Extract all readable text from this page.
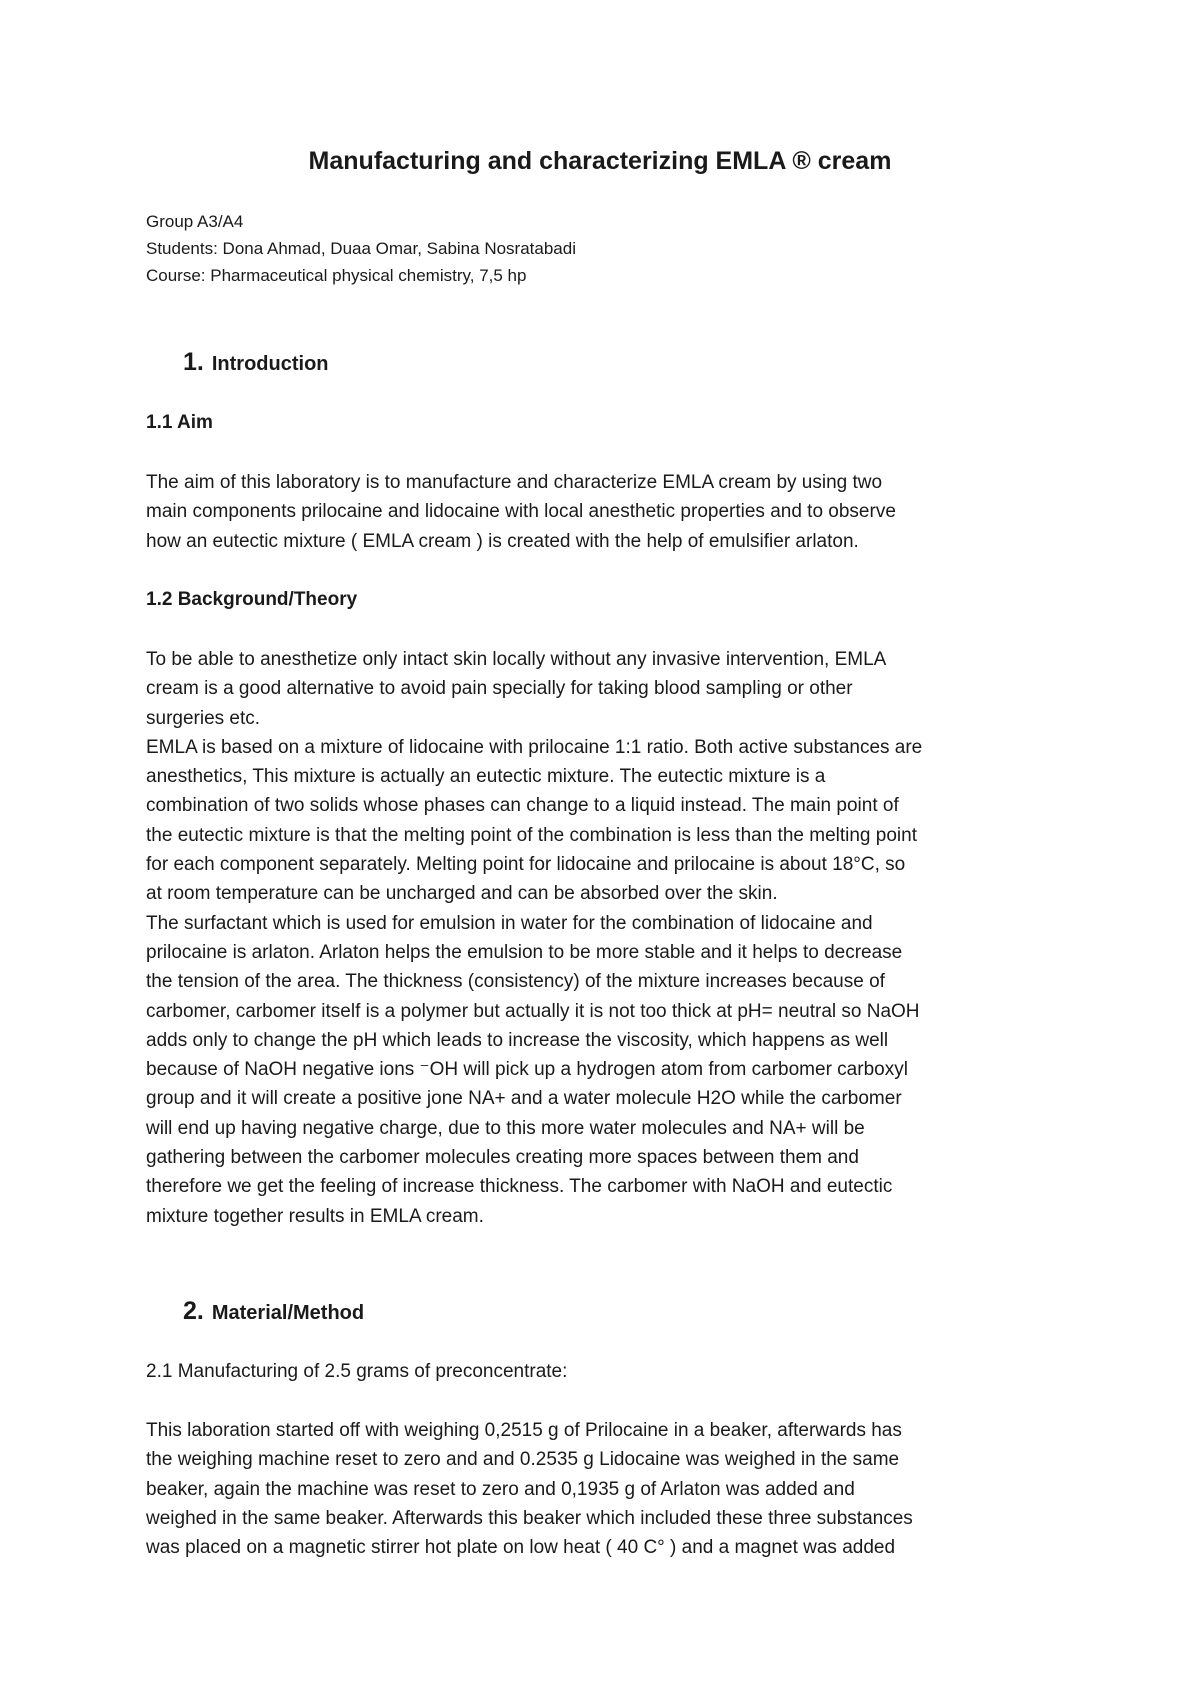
Manufacturing and characterizing EMLA ® cream
Group A3/A4
Students: Dona Ahmad, Duaa Omar, Sabina Nosratabadi
Course: Pharmaceutical physical chemistry, 7,5 hp
1. Introduction
1.1 Aim
The aim of this laboratory is to manufacture and characterize EMLA cream by using two
main components prilocaine and lidocaine with local anesthetic properties and to observe
how an eutectic mixture ( EMLA cream ) is created with the help of emulsifier arlaton.
1.2 Background/Theory
To be able to anesthetize only intact skin locally without any invasive intervention, EMLA
cream is a good alternative to avoid pain specially for taking blood sampling or other
surgeries etc.
EMLA is based on a mixture of lidocaine with prilocaine 1:1 ratio. Both active substances are
anesthetics, This mixture is actually an eutectic mixture. The eutectic mixture is a
combination of two solids whose phases can change to a liquid instead. The main point of
the eutectic mixture is that the melting point of the combination is less than the melting point
for each component separately. Melting point for lidocaine and prilocaine is about 18°C, so
at room temperature can be uncharged and can be absorbed over the skin.
The surfactant which is used for emulsion in water for the combination of lidocaine and
prilocaine is arlaton. Arlaton helps the emulsion to be more stable and it helps to decrease
the tension of the area. The thickness (consistency) of the mixture increases because of
carbomer, carbomer itself is a polymer but actually it is not too thick at pH= neutral so NaOH
adds only to change the pH which leads to increase the viscosity, which happens as well
because of NaOH negative ions ⁻OH will pick up a hydrogen atom from carbomer carboxyl
group and it will create a positive jone NA+ and a water molecule H2O while the carbomer
will end up having negative charge, due to this more water molecules and NA+ will be
gathering between the carbomer molecules creating more spaces between them and
therefore we get the feeling of increase thickness. The carbomer with NaOH and eutectic
mixture together results in EMLA cream.
2. Material/Method
2.1 Manufacturing of 2.5 grams of preconcentrate:
This laboration started off with weighing 0,2515 g of Prilocaine in a beaker, afterwards has
the weighing machine reset to zero and and 0.2535 g Lidocaine was weighed in the same
beaker, again the machine was reset to zero and 0,1935 g of Arlaton was added and
weighed in the same beaker. Afterwards this beaker which included these three substances
was placed on a magnetic stirrer hot plate on low heat ( 40 C° ) and a magnet was added
